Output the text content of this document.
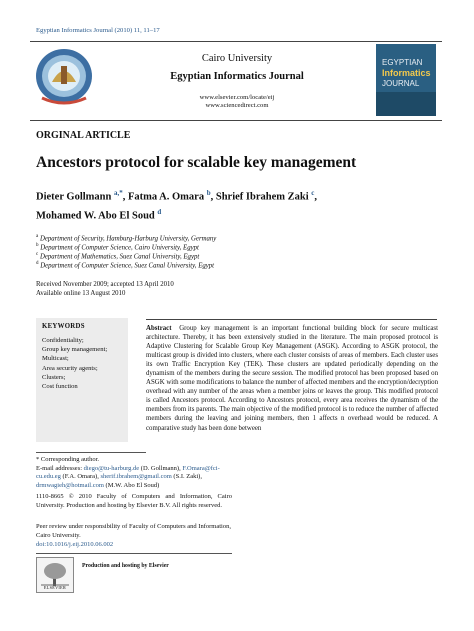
Egyptian Informatics Journal (2010) 11, 11–17
EGYPTIAN
Informatics
JOURNAL
Cairo University
Egyptian Informatics Journal
www.elsevier.com/locate/eij
www.sciencedirect.com
ORGINAL ARTICLE
Ancestors protocol for scalable key management
Dieter Gollmann $^{a,*}$, Fatma A. Omara $^b$, Shrief Ibrahem Zaki $^c$,
Mohamed W. Abo El Soud $^d$
$^a$ Department of Security, Hamburg-Harburg University, Germany
$^b$ Department of Computer Science, Cairo University, Egypt
$^c$ Department of Mathematics, Suez Canal University, Egypt
$^d$ Department of Computer Science, Suez Canal University, Egypt
Received November 2009; accepted 13 April 2010
Available online 13 August 2010
KEYWORDS
Confidentiality;
Group key management;
Multicast;
Area security agents;
Clusters;
Cost function

Abstract Group key management is an important functional building block for secure multicast architecture. Thereby, it has been extensively studied in the literature. The main proposed protocol is Adaptive Clustering for Scalable Group Key Management (ASGK). According to ASGK protocol, the multicast group is divided into clusters, where each cluster consists of areas of members. Each cluster uses its own Traffic Encryption Key (TEK). These clusters are updated periodically depending on the dynamism of the members during the secure session. The modified protocol has been proposed based on ASGK with some modifications to balance the number of affected members and the encryption/decryption overhead with any number of the areas when a member joins or leaves the group. This modified protocol is called Ancestors protocol. According to Ancestors protocol, every area receives the dynamism of the members from its parents. The main objective of the modified protocol is to reduce the number of affected members during the leaving and joining members, then 1 affects n overhead would be reduced. A comparative study has been done between

* Corresponding author.
E-mail addresses: diego@tu-harburg.de (D. Gollmann), F.Omara@fci-cu.edu.eg (F.A. Omara), sherif.ibrahem@gmail.com (S.I. Zaki), drmwagieh@hotmail.com (M.W. Abo El Soud)
1110-8665 © 2010 Faculty of Computers and Information, Cairo University. Production and hosting by Elsevier B.V. All rights reserved.
Peer review under responsibility of Faculty of Computers and Information, Cairo University.
doi:10.1016/j.eij.2010.06.002
ELSEVIER
Production and hosting by Elsevier
